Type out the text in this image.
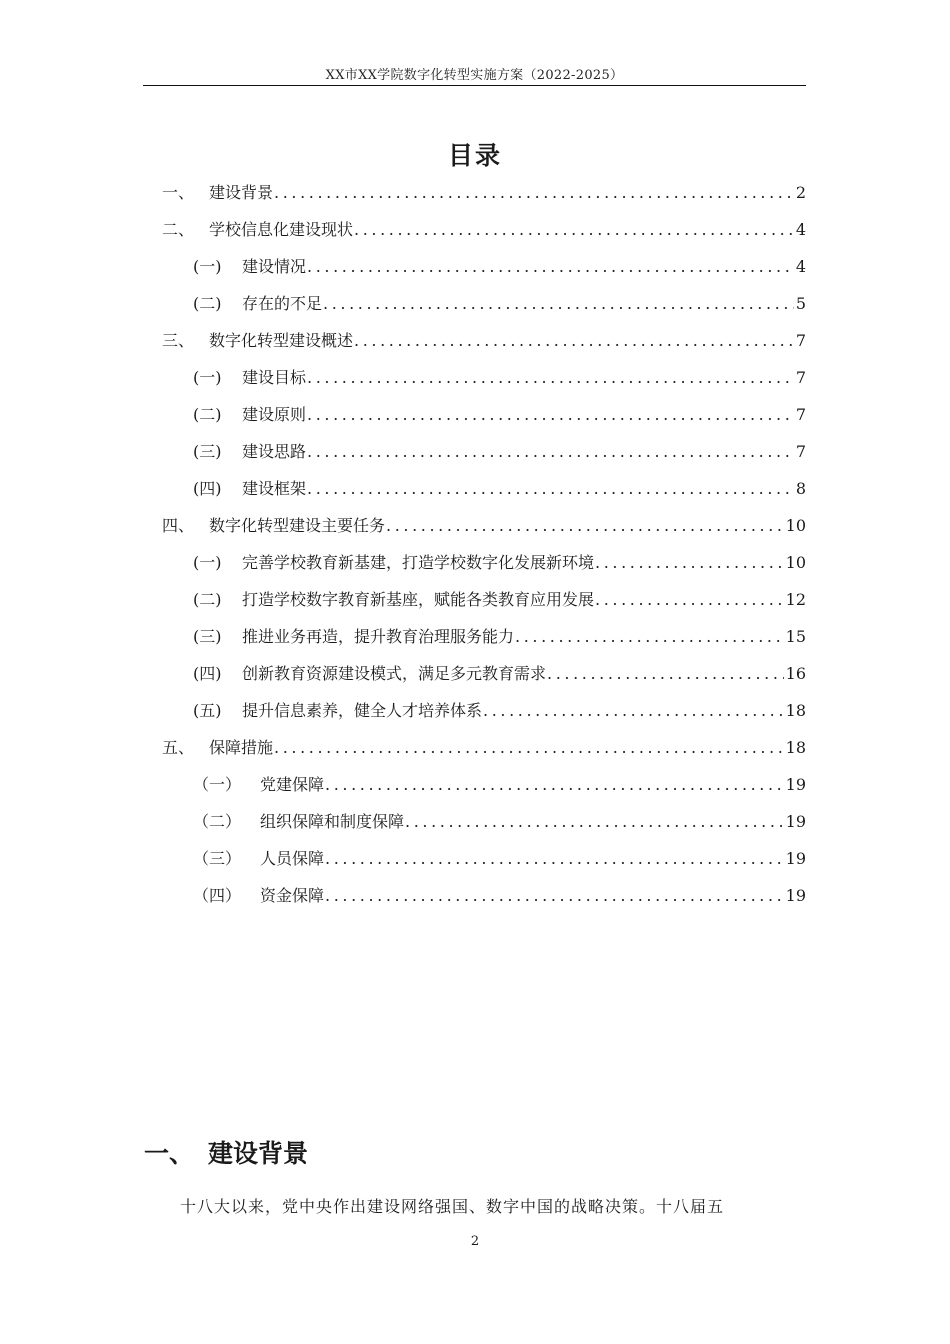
XX市XX学院数字化转型实施方案（2022-2025）
目录
一、 建设背景 .....	2
二、 学校信息化建设现状 .....	4
(一)	建设情况 .....	4
(二)	存在的不足 .....	5
三、 数字化转型建设概述 .....	7
(一)	建设目标 .....	7
(二)	建设原则 .....	7
(三)	建设思路 .....	7
(四)	建设框架 .....	8
四、 数字化转型建设主要任务 .....	10
(一)	完善学校教育新基建，打造学校数字化发展新环境 .....	10
(二)	打造学校数字教育新基座，赋能各类教育应用发展 .....	12
(三)	推进业务再造，提升教育治理服务能力 .....	15
(四)	创新教育资源建设模式，满足多元教育需求 .....	16
(五)	提升信息素养，健全人才培养体系 .....	18
五、 保障措施 .....	18
（一）	党建保障 .....	19
（二）	组织保障和制度保障 .....	19
（三）	人员保障 .....	19
（四）	资金保障 .....	19
一、 建设背景
十八大以来，党中央作出建设网络强国、数字中国的战略决策。十八届五
2
